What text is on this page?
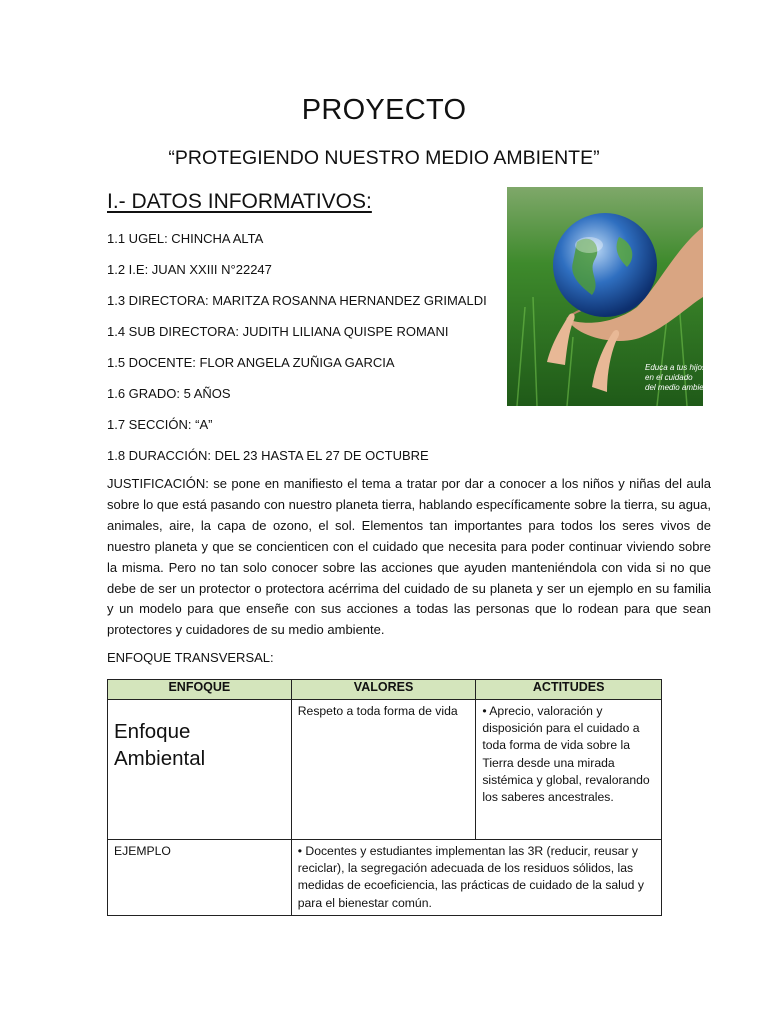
PROYECTO
“PROTEGIENDO NUESTRO MEDIO AMBIENTE”
I.- DATOS INFORMATIVOS:
1.1 UGEL: CHINCHA ALTA
1.2 I.E: JUAN XXIII N°22247
1.3 DIRECTORA: MARITZA ROSANNA HERNANDEZ GRIMALDI
1.4 SUB DIRECTORA: JUDITH LILIANA QUISPE ROMANI
1.5 DOCENTE: FLOR ANGELA ZUÑIGA GARCIA
1.6 GRADO: 5 AÑOS
1.7 SECCIÓN: “A”
1.8 DURACCIÓN: DEL 23 HASTA EL 27 DE OCTUBRE
Educa a tus hijos
en el cuidado
del medio ambiente

JUSTIFICACIÓN: se pone en manifiesto el tema a tratar por dar a conocer a los niños y niñas del aula sobre lo que está pasando con nuestro planeta tierra, hablando específicamente sobre la tierra, su agua, animales, aire, la capa de ozono, el sol. Elementos tan importantes para todos los seres vivos de nuestro planeta y que se concienticen con el cuidado que necesita para poder continuar viviendo sobre la misma. Pero no tan solo conocer sobre las acciones que ayuden manteniéndola con vida si no que debe de ser un protector o protectora acérrima del cuidado de su planeta y ser un ejemplo en su familia y un modelo para que enseñe con sus acciones a todas las personas que lo rodean para que sean protectores y cuidadores de su medio ambiente.

ENFOQUE TRANSVERSAL:
ENFOQUE	VALORES	ACTITUDES
Enfoque Ambiental	Respeto a toda forma de vida	• Aprecio, valoración y disposición para el cuidado a toda forma de vida sobre la Tierra desde una mirada sistémica y global, revalorando los saberes ancestrales.
EJEMPLO	• Docentes y estudiantes implementan las 3R (reducir, reusar y reciclar), la segregación adecuada de los residuos sólidos, las medidas de ecoeficiencia, las prácticas de cuidado de la salud y para el bienestar común.	
